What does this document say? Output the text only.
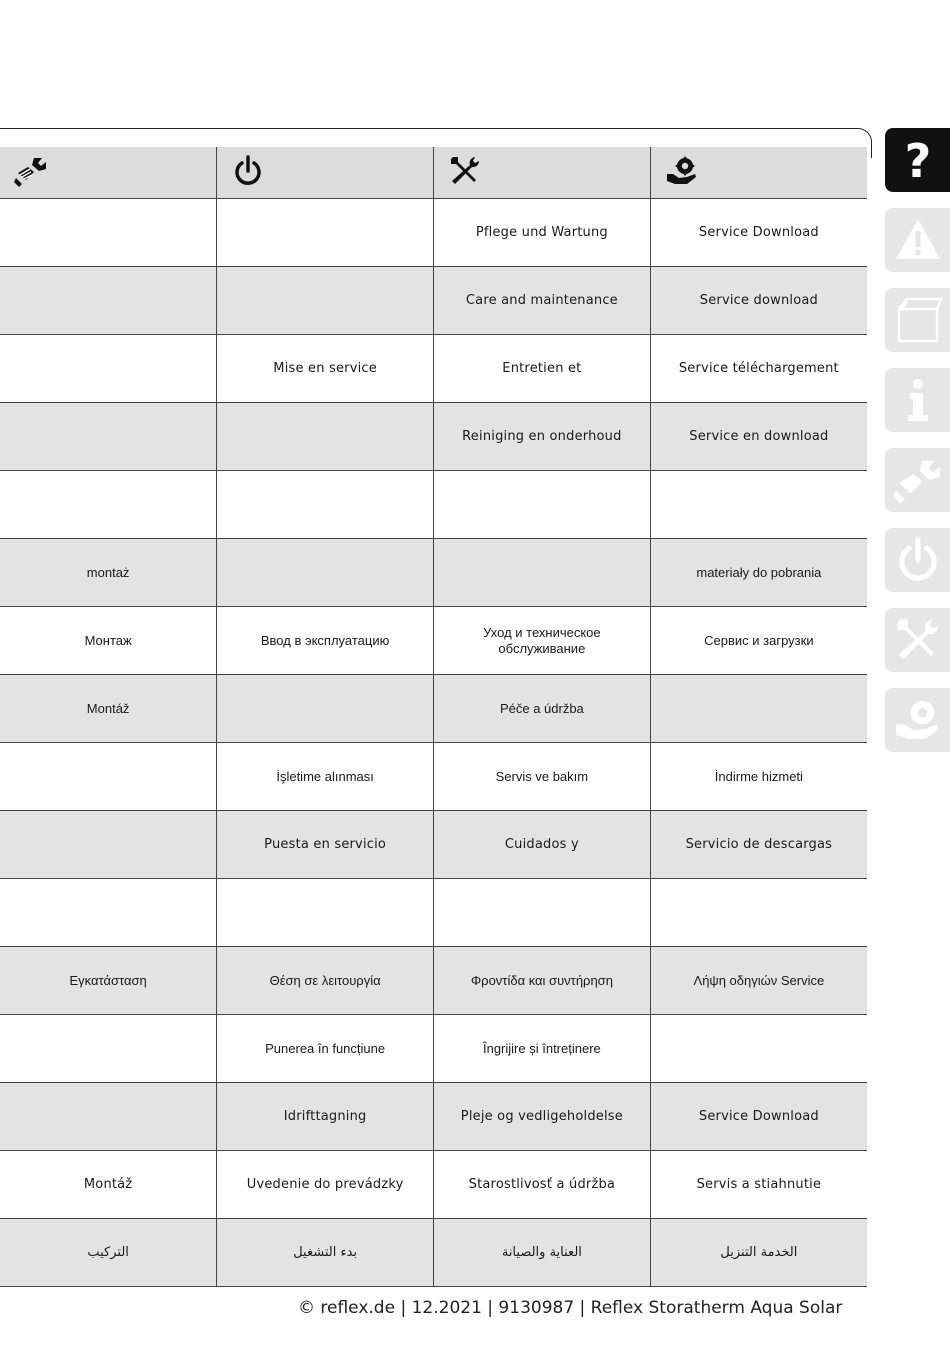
		Pflege und Wartung	Service Download
		Care and maintenance	Service download
	Mise en service	Entretien et	Service téléchargement
		Reiniging en onderhoud	Service en download

montaż			materiały do pobrania
Монтаж	Ввод в эксплуатацию	Уход и техническое обслуживание	Сервис и загрузки
Montáž		Péče a údržba	
	İşletime alınması	Servis ve bakım	İndirme hizmeti
	Puesta en servicio	Cuidados y	Servicio de descargas

Εγκατάσταση	Θέση σε λειτουργία	Φροντίδα και συντήρηση	Λήψη οδηγιών Service
	Punerea în funcțiune	Îngrijire și întreținere	
	Idrifttagning	Pleje og vedligeholdelse	Service Download
Montáž	Uvedenie do prevádzky	Starostlivosť a údržba	Servis a stiahnutie
التركيب	بدء التشغيل	العناية والصيانة	الخدمة التنزيل
© reflex.de | 12.2021 | 9130987 | Reflex Storatherm Aqua Solar
?
